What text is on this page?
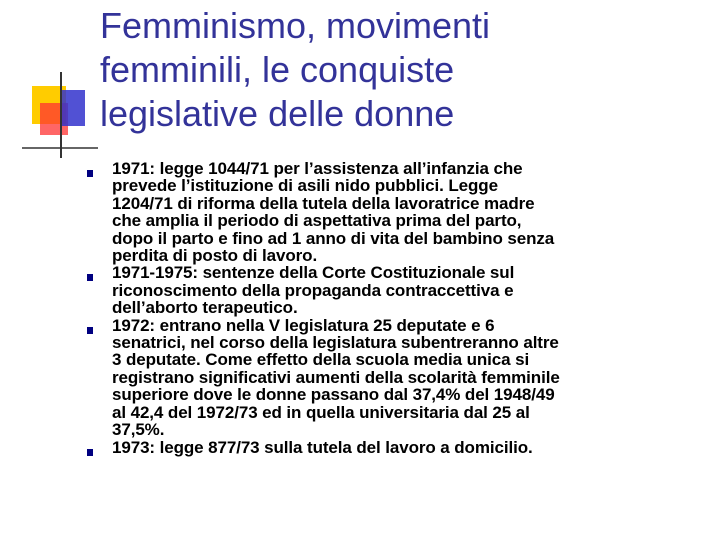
Femminismo, movimenti
femminili, le conquiste
legislative delle donne
1971: legge 1044/71 per l’assistenza all’infanzia che
prevede l’istituzione di asili nido pubblici. Legge
1204/71 di riforma della tutela della lavoratrice madre
che amplia il periodo di aspettativa prima del parto,
dopo il parto e fino ad 1 anno di vita del bambino senza
perdita di posto di lavoro.
1971-1975: sentenze della Corte Costituzionale sul
riconoscimento della propaganda contraccettiva e
dell’aborto terapeutico.
1972: entrano nella V legislatura 25 deputate e 6
senatrici, nel corso della legislatura subentreranno altre
3 deputate. Come effetto della scuola media unica si
registrano significativi aumenti della scolarità femminile
superiore dove le donne passano dal 37,4% del 1948/49
al 42,4 del 1972/73 ed in quella universitaria dal 25 al
37,5%.
1973: legge 877/73 sulla tutela del lavoro a domicilio.
